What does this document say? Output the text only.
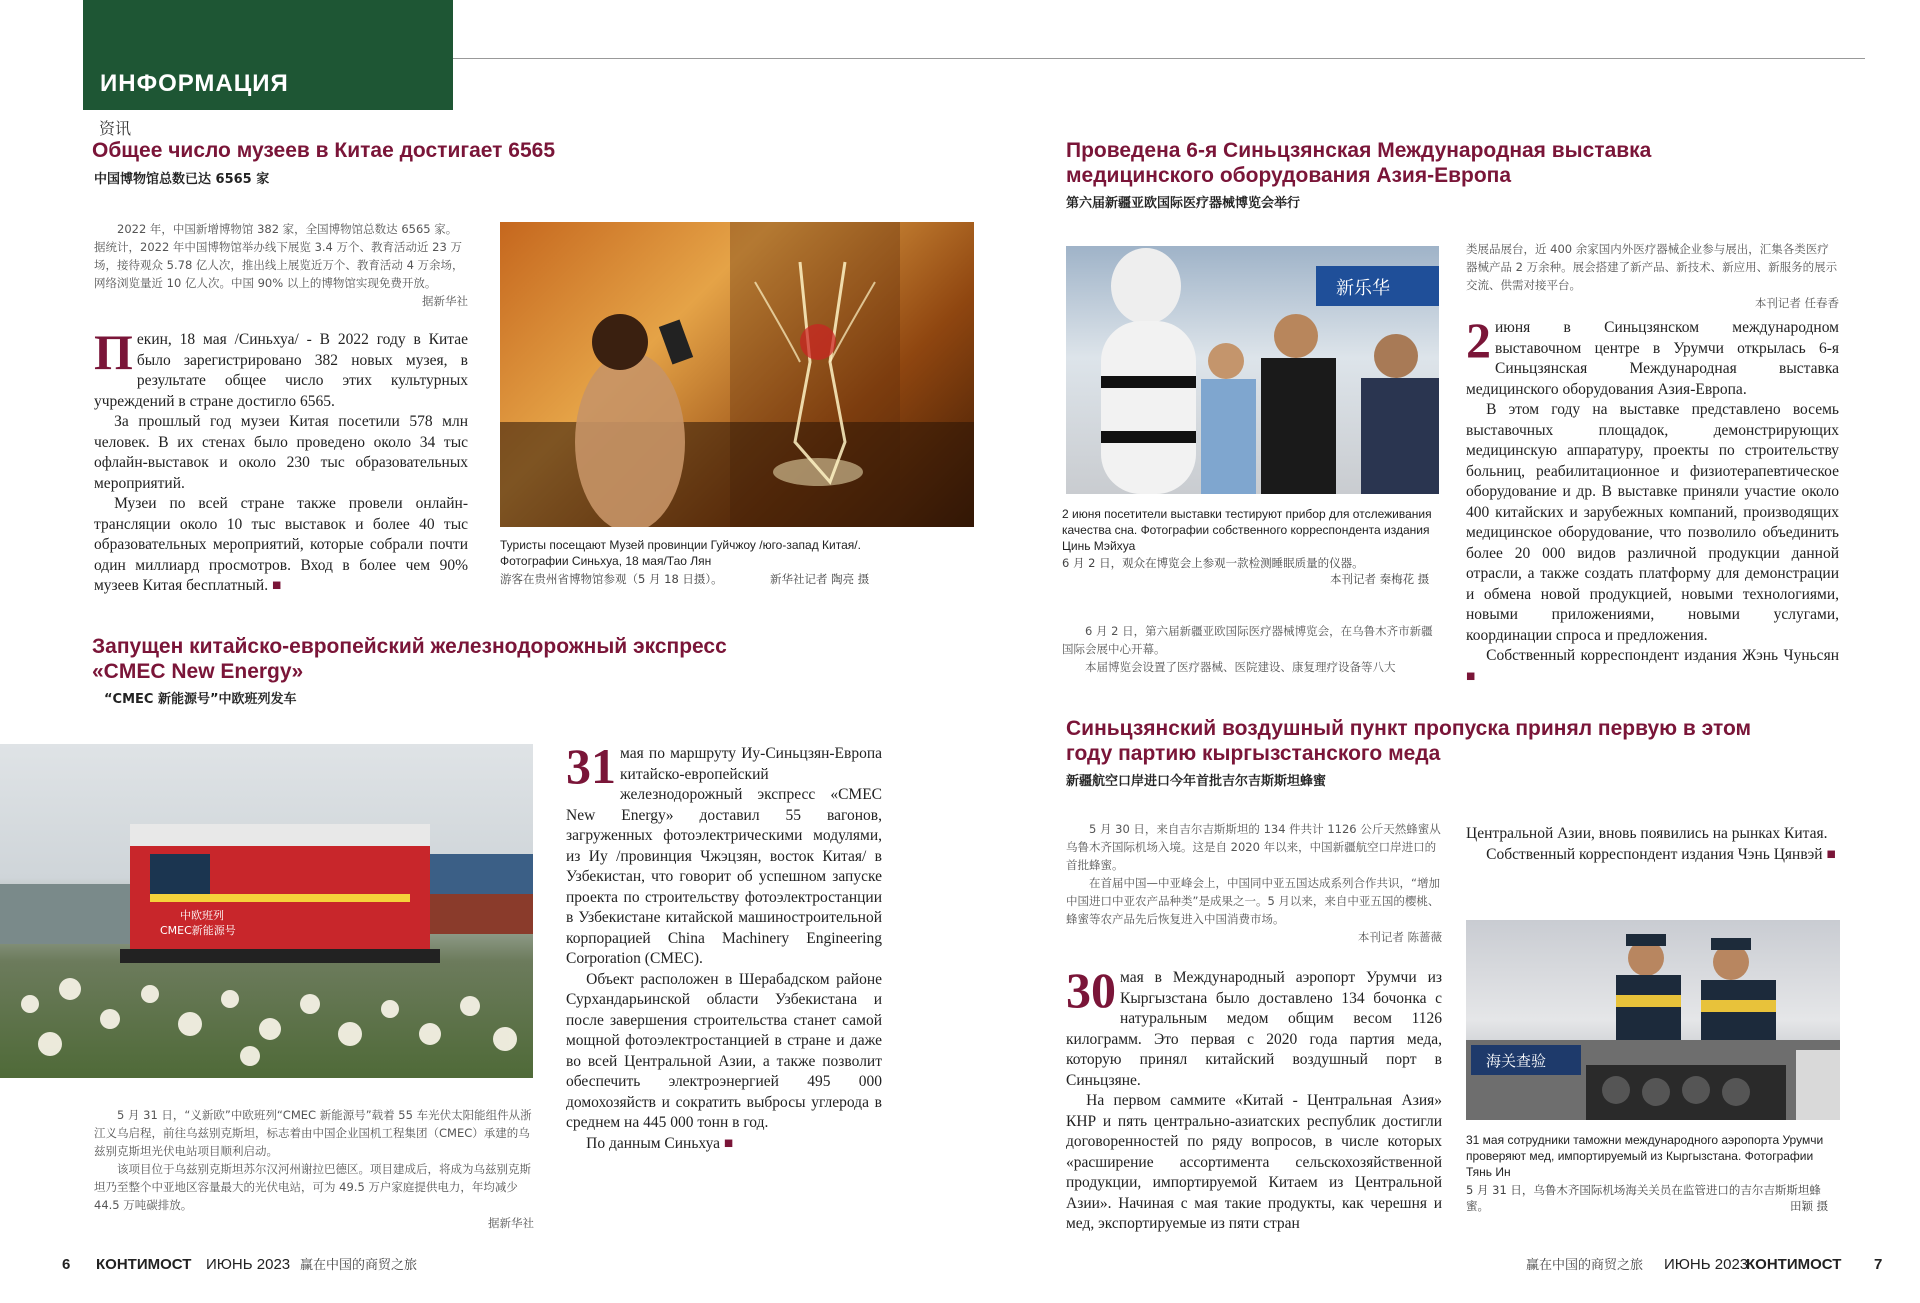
ИНФОРМАЦИЯ
资讯
Общее число музеев в Китае достигает 6565
中国博物馆总数已达 6565 家

2022 年，中国新增博物馆 382 家，全国博物馆总数达 6565 家。据统计，2022 年中国博物馆举办线下展览 3.4 万个、教育活动近 23 万场，接待观众 5.78 亿人次，推出线上展览近万个、教育活动 4 万余场，网络浏览量近 10 亿人次。中国 90% 以上的博物馆实现免费开放。

据新华社

Пекин, 18 мая /Синьхуа/ - В 2022 году в Китае было зарегистрировано 382 новых музея, в результате общее число этих культурных учреждений в стране достигло 6565.

За прошлый год музеи Китая посетили 578 млн человек. В их стенах было проведено около 34 тыс офлайн-выставок и около 230 тыс образовательных мероприятий.

Музеи по всей стране также провели онлайн-трансляции около 10 тыс выставок и более 40 тыс образовательных мероприятий, которые собрали почти один миллиард просмотров. Вход в более чем 90% музеев Китая бесплатный. ■

Туристы посещают Музей провинции Гуйчжоу /юго-запад Китая/. Фотографии Синьхуа, 18 мая/Тао Лян
游客在贵州省博物馆参观（5 月 18 日摄）。	新华社记者 陶亮 摄
Запущен китайско-европейский железнодорожный экспресс
«CMEC New Energy»
“CMEC 新能源号”中欧班列发车
中欧班列
CMEC新能源号

31 мая по маршруту Иу-Синьцзян-Европа китайско-европейский железнодорожный экспресс «CMEC New Energy» доставил 55 вагонов, загруженных фотоэлектрическими модулями, из Иу /провинция Чжэцзян, восток Китая/ в Узбекистан, что говорит об успешном запуске проекта по строительству фотоэлектростанции в Узбекистане китайской машиностроительной корпорацией China Machinery Engineering Corporation (CMEC).

Объект расположен в Шерабадском районе Сурхандарьинской области Узбекистана и после завершения строительства станет самой мощной фотоэлектростанцией в стране и даже во всей Центральной Азии, а также позволит обеспечить электроэнергией 495 000 домохозяйств и сократить выбросы углерода в среднем на 445 000 тонн в год.

По данным Синьхуа ■

5 月 31 日，“义新欧”中欧班列“CMEC 新能源号”载着 55 车光伏太阳能组件从浙江义乌启程，前往乌兹别克斯坦，标志着由中国企业国机工程集团（CMEC）承建的乌兹别克斯坦光伏电站项目顺利启动。

该项目位于乌兹别克斯坦苏尔汉河州谢拉巴德区。项目建成后，将成为乌兹别克斯坦乃至整个中亚地区容量最大的光伏电站，可为 49.5 万户家庭提供电力，年均减少 44.5 万吨碳排放。

据新华社

Проведена 6-я Синьцзянская Международная выставка
медицинского оборудования Азия-Европа
第六届新疆亚欧国际医疗器械博览会举行
新乐华
2 июня посетители выставки тестируют прибор для отслеживания качества сна. Фотографии собственного корреспондента издания Цинь Мэйхуа
6 月 2 日，观众在博览会上参观一款检测睡眠质量的仪器。
本刊记者 秦梅花 摄

6 月 2 日，第六届新疆亚欧国际医疗器械博览会，在乌鲁木齐市新疆国际会展中心开幕。

本届博览会设置了医疗器械、医院建设、康复理疗设备等八大

类展品展台，近 400 余家国内外医疗器械企业参与展出，汇集各类医疗器械产品 2 万余种。展会搭建了新产品、新技术、新应用、新服务的展示交流、供需对接平台。

本刊记者 任春香

2 июня в Синьцзянском международном выставочном центре в Урумчи открылась 6-я Синьцзянская Международная выставка медицинского оборудования Азия-Европа.

В этом году на выставке представлено восемь выставочных площадок, демонстрирующих медицинскую аппаратуру, проекты по строительству больниц, реабилитационное и физиотерапевтическое оборудование и др. В выставке приняли участие около 400 китайских и зарубежных компаний, производящих медицинское оборудование, что позволило объединить более 20 000 видов различной продукции данной отрасли, а также создать платформу для демонстрации и обмена новой продукцией, новыми технологиями, новыми приложениями, новыми услугами, координации спроса и предложения.

Собственный корреспондент издания Жэнь Чуньсян ■

Синьцзянский воздушный пункт пропуска принял первую в этом
году партию кыргызстанского меда
新疆航空口岸进口今年首批吉尔吉斯斯坦蜂蜜

5 月 30 日，来自吉尔吉斯斯坦的 134 件共计 1126 公斤天然蜂蜜从乌鲁木齐国际机场入境。这是自 2020 年以来，中国新疆航空口岸进口的首批蜂蜜。

在首届中国—中亚峰会上，中国同中亚五国达成系列合作共识，“增加中国进口中亚农产品种类”是成果之一。5 月以来，来自中亚五国的樱桃、蜂蜜等农产品先后恢复进入中国消费市场。

本刊记者 陈蔷薇

30 мая в Международный аэропорт Урумчи из Кыргызстана было доставлено 134 бочонка с натуральным медом общим весом 1126 килограмм. Это первая с 2020 года партия меда, которую принял китайский воздушный порт в Синьцзяне.

На первом саммите «Китай - Центральная Азия» КНР и пять центрально-азиатских республик достигли договоренностей по ряду вопросов, в числе которых «расширение ассортимента сельскохозяйственной продукции, импортируемой Китаем из Центральной Азии». Начиная с мая такие продукты, как черешня и мед, экспортируемые из пяти стран

Центральной Азии, вновь появились на рынках Китая.

Собственный корреспондент издания Чэнь Цянвэй ■

海关查验
31 мая сотрудники таможни международного аэропорта Урумчи проверяют мед, импортируемый из Кыргызстана. Фотографии Тянь Ин
5 月 31 日，乌鲁木齐国际机场海关关员在监管进口的吉尔吉斯斯坦蜂蜜。	田颖 摄
6 КОНТИМОСТ ИЮНЬ 2023 赢在中国的商贸之旅	赢在中国的商贸之旅 ИЮНЬ 2023
КОНТИМОСТ 7
